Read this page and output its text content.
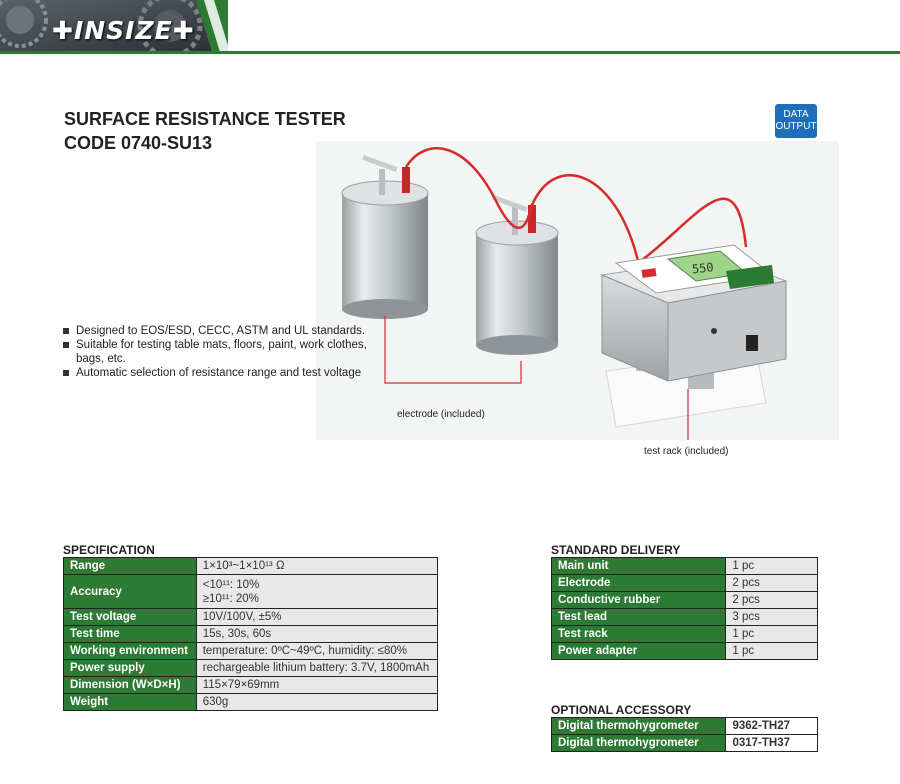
✚INSIZE✚
SURFACE RESISTANCE TESTER
CODE 0740-SU13
DATA
OUTPUT
550
Designed to EOS/ESD, CECC, ASTM and UL standards.
Suitable for testing table mats, floors, paint, work clothes, bags, etc.
Automatic selection of resistance range and test voltage
electrode (included)
test rack (included)
SPECIFICATION
Range	1×10³~1×10¹³ Ω
Accuracy	<10¹¹: 10%
≥10¹¹: 20%

Test voltage	10V/100V, ±5%
Test time	15s, 30s, 60s
Working environment	temperature: 0ºC~49ºC, humidity: ≤80%
Power supply	rechargeable lithium battery: 3.7V, 1800mAh
Dimension (W×D×H)	115×79×69mm
Weight	630g
STANDARD DELIVERY
Main unit	1 pc
Electrode	2 pcs
Conductive rubber	2 pcs
Test lead	3 pcs
Test rack	1 pc
Power adapter	1 pc
OPTIONAL ACCESSORY
Digital thermohygrometer	9362-TH27
Digital thermohygrometer	0317-TH37
